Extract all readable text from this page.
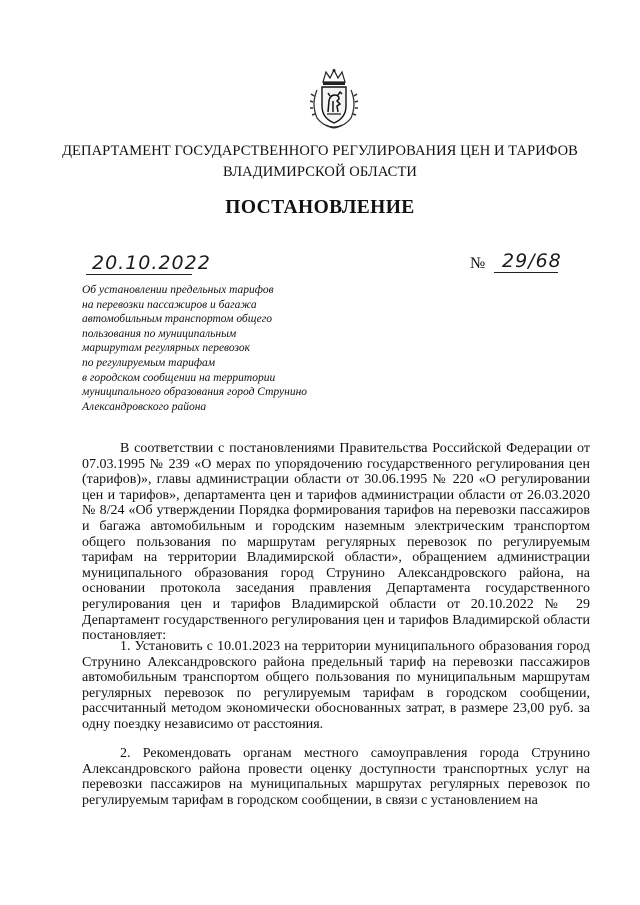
ДЕПАРТАМЕНТ ГОСУДАРСТВЕННОГО РЕГУЛИРОВАНИЯ ЦЕН И ТАРИФОВ
ВЛАДИМИРСКОЙ ОБЛАСТИ
ПОСТАНОВЛЕНИЕ
20.10.2022	№ 29/68
Об установлении предельных тарифов
на перевозки пассажиров и багажа
автомобильным транспортом общего
пользования по муниципальным
маршрутам регулярных перевозок
по регулируемым тарифам
в городском сообщении на территории
муниципального образования город Струнино
Александровского района

В соответствии с постановлениями Правительства Российской Федерации от 07.03.1995 № 239 «О мерах по упорядочению государственного регулирования цен (тарифов)», главы администрации области от 30.06.1995 № 220 «О регулировании цен и тарифов», департамента цен и тарифов администрации области от 26.03.2020 № 8/24 «Об утверждении Порядка формирования тарифов на перевозки пассажиров и багажа автомобильным и городским наземным электрическим транспортом общего пользования по маршрутам регулярных перевозок по регулируемым тарифам на территории Владимирской области», обращением администрации муниципального образования город Струнино Александровского района, на основании протокола заседания правления Департамента государственного регулирования цен и тарифов Владимирской области от 20.10.2022 № 29 Департамент государственного регулирования цен и тарифов Владимирской области постановляет:

1. Установить с 10.01.2023 на территории муниципального образования город Струнино Александровского района предельный тариф на перевозки пассажиров автомобильным транспортом общего пользования по муниципальным маршрутам регулярных перевозок по регулируемым тарифам в городском сообщении, рассчитанный методом экономически обоснованных затрат, в размере 23,00 руб. за одну поездку независимо от расстояния.

2. Рекомендовать органам местного самоуправления города Струнино Александровского района провести оценку доступности транспортных услуг на перевозки пассажиров на муниципальных маршрутах регулярных перевозок по регулируемым тарифам в городском сообщении, в связи с установлением на
